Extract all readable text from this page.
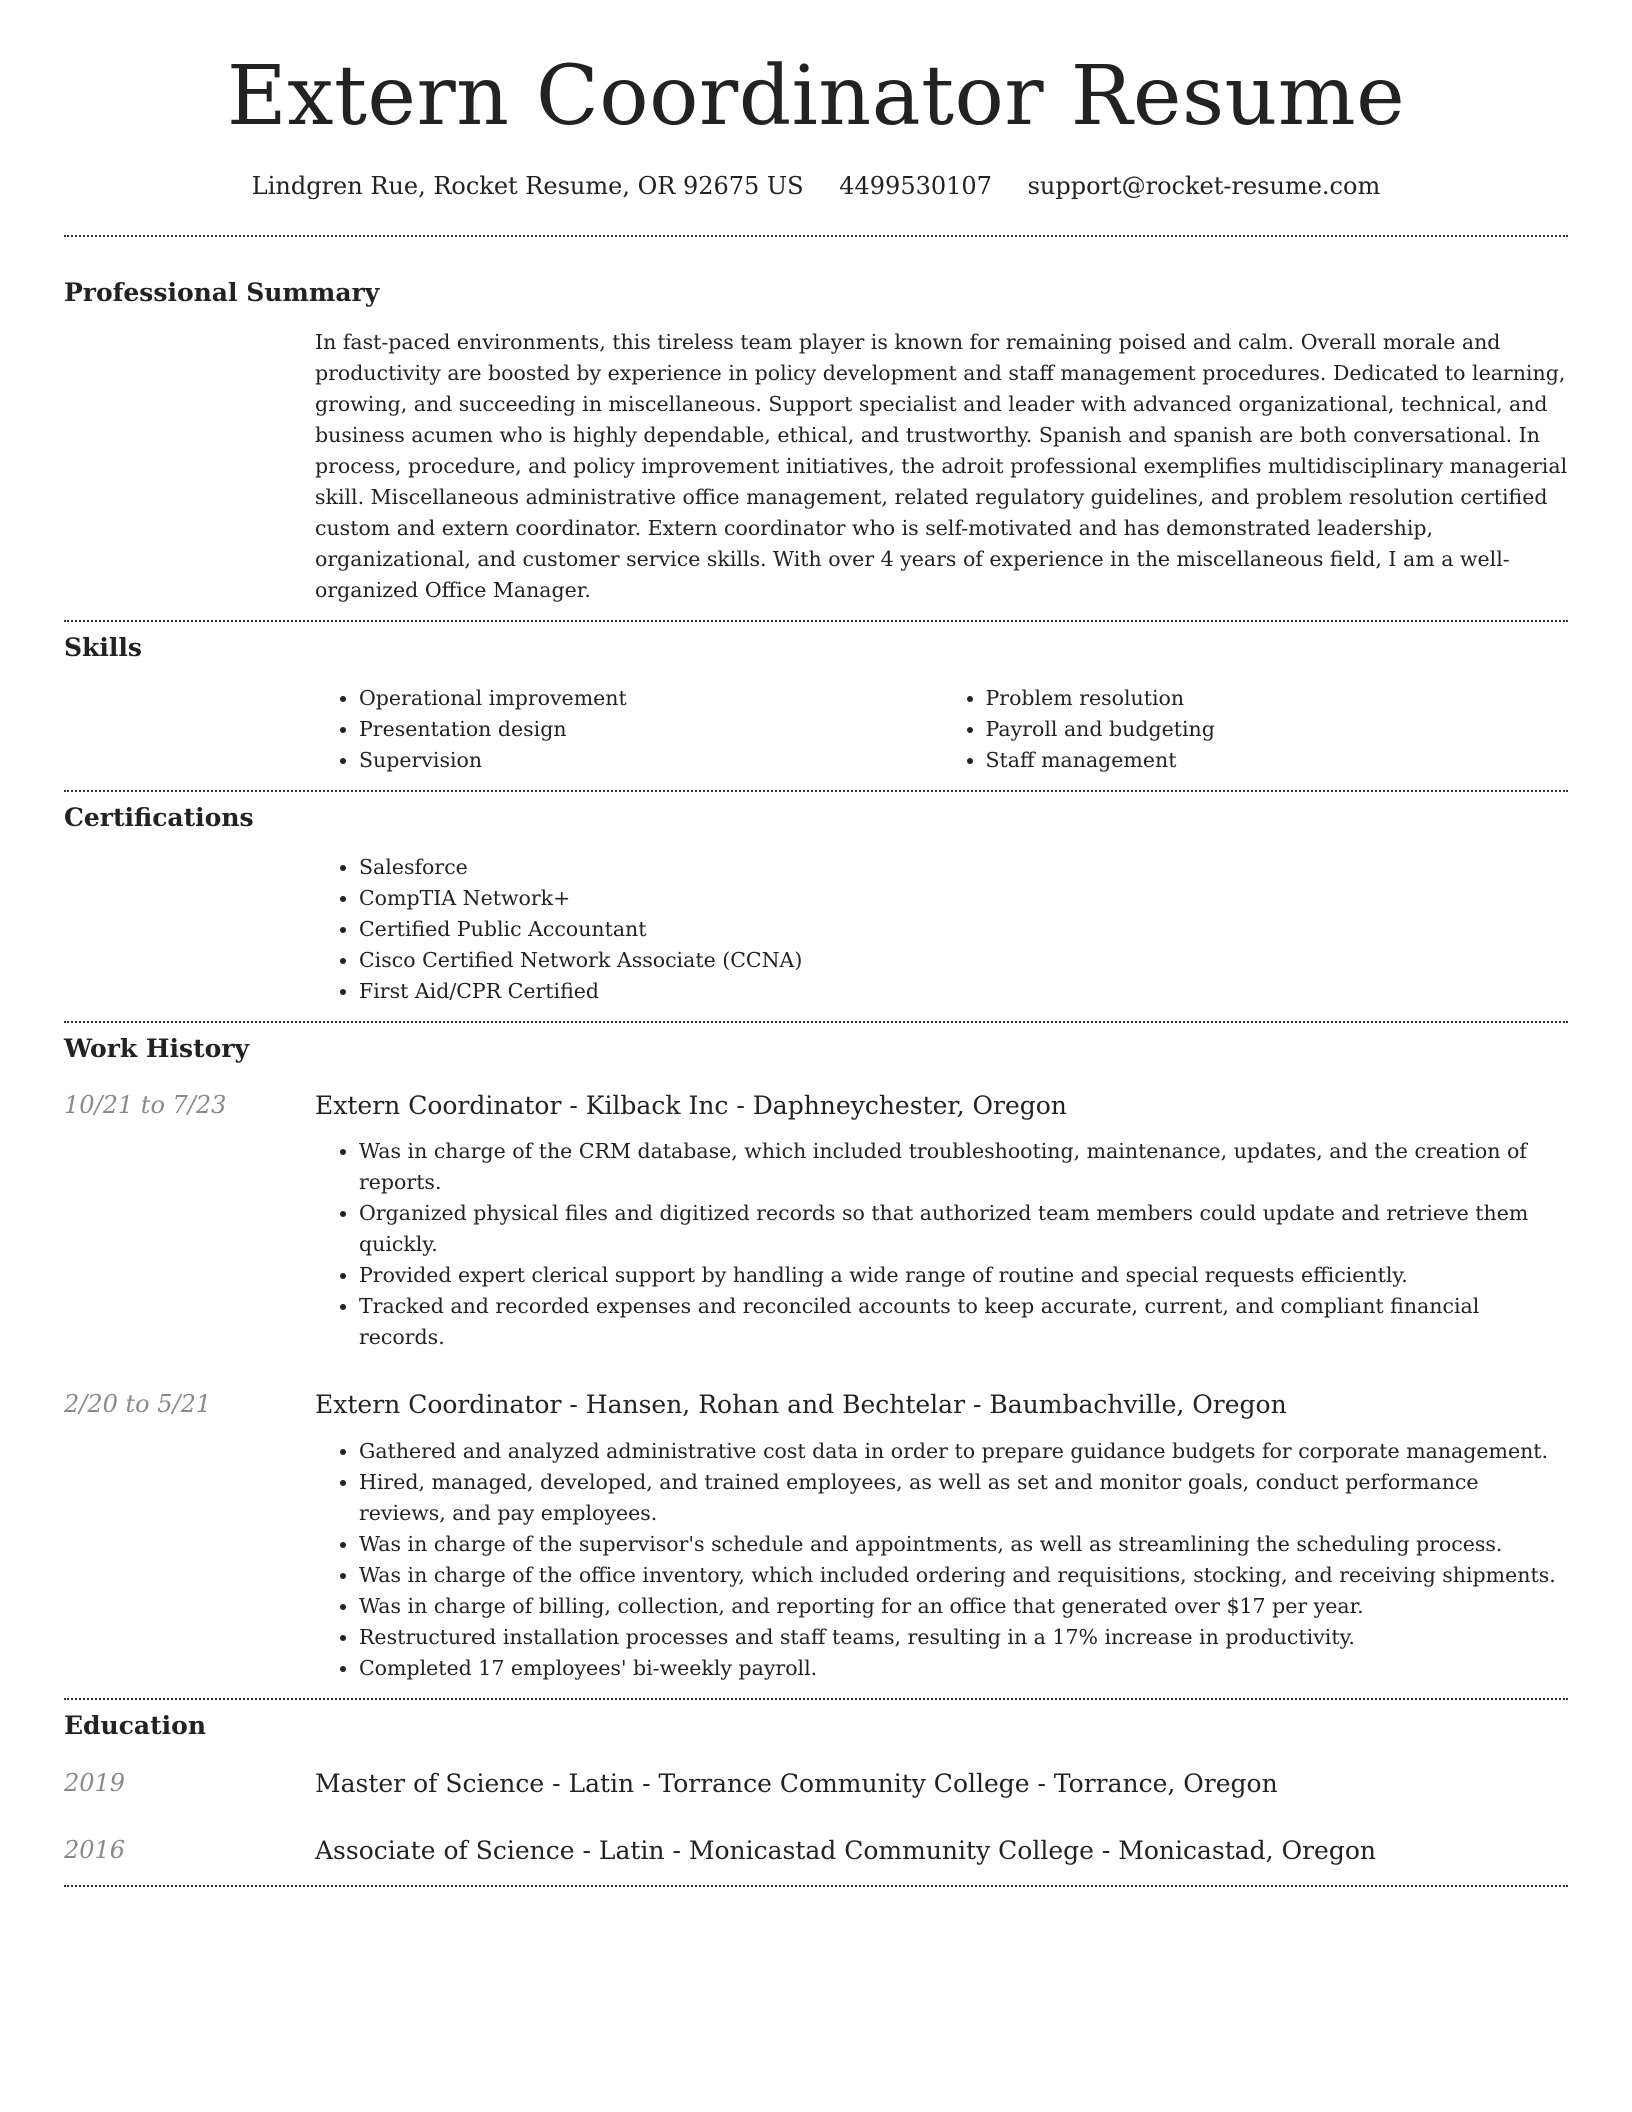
Extern Coordinator Resume
Lindgren Rue, Rocket Resume, OR 92675 US 4499530107 support@rocket-resume.com
Professional Summary

In fast-paced environments, this tireless team player is known for remaining poised and calm. Overall morale and productivity are boosted by experience in policy development and staff management procedures. Dedicated to learning, growing, and succeeding in miscellaneous. Support specialist and leader with advanced organizational, technical, and business acumen who is highly dependable, ethical, and trustworthy. Spanish and spanish are both conversational. In process, procedure, and policy improvement initiatives, the adroit professional exemplifies multidisciplinary managerial skill. Miscellaneous administrative office management, related regulatory guidelines, and problem resolution certified custom and extern coordinator. Extern coordinator who is self-motivated and has demonstrated leadership, organizational, and customer service skills. With over 4 years of experience in the miscellaneous field, I am a well-organized Office Manager.

Skills
• Operational improvement
• Presentation design
• Supervision
• Problem resolution
• Payroll and budgeting
• Staff management
Certifications
• Salesforce
• CompTIA Network+
• Certified Public Accountant
• Cisco Certified Network Associate (CCNA)
• First Aid/CPR Certified
Work History
10/21 to 7/23	Extern Coordinator - Kilback Inc - Daphneychester, Oregon
• Was in charge of the CRM database, which included troubleshooting, maintenance, updates, and the creation of reports.
• Organized physical files and digitized records so that authorized team members could update and retrieve them quickly.
• Provided expert clerical support by handling a wide range of routine and special requests efficiently.
• Tracked and recorded expenses and reconciled accounts to keep accurate, current, and compliant financial records.
2/20 to 5/21	Extern Coordinator - Hansen, Rohan and Bechtelar - Baumbachville, Oregon
• Gathered and analyzed administrative cost data in order to prepare guidance budgets for corporate management.
• Hired, managed, developed, and trained employees, as well as set and monitor goals, conduct performance reviews, and pay employees.
• Was in charge of the supervisor's schedule and appointments, as well as streamlining the scheduling process.
• Was in charge of the office inventory, which included ordering and requisitions, stocking, and receiving shipments.
• Was in charge of billing, collection, and reporting for an office that generated over $17 per year.
• Restructured installation processes and staff teams, resulting in a 17% increase in productivity.
• Completed 17 employees' bi-weekly payroll.
Education
2019	Master of Science - Latin - Torrance Community College - Torrance, Oregon
2016	Associate of Science - Latin - Monicastad Community College - Monicastad, Oregon
